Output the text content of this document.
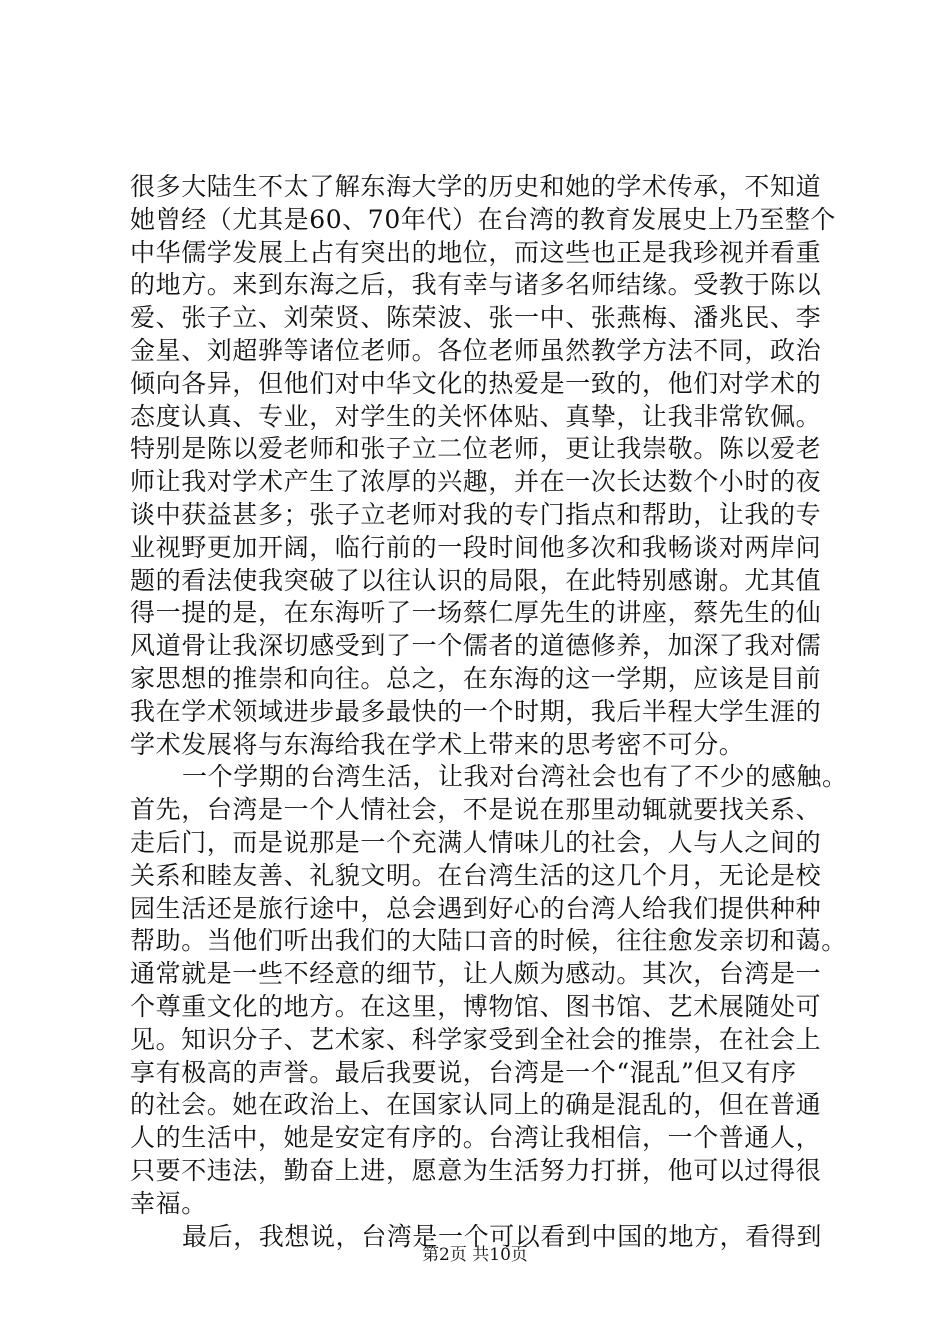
很多大陆生不太了解东海大学的历史和她的学术传承，不知道
她曾经（尤其是60、70年代）在台湾的教育发展史上乃至整个
中华儒学发展上占有突出的地位，而这些也正是我珍视并看重
的地方。来到东海之后，我有幸与诸多名师结缘。受教于陈以
爱、张子立、刘荣贤、陈荣波、张一中、张燕梅、潘兆民、李
金星、刘超骅等诸位老师。各位老师虽然教学方法不同，政治
倾向各异，但他们对中华文化的热爱是一致的，他们对学术的
态度认真、专业，对学生的关怀体贴、真挚，让我非常钦佩。
特别是陈以爱老师和张子立二位老师，更让我崇敬。陈以爱老
师让我对学术产生了浓厚的兴趣，并在一次长达数个小时的夜
谈中获益甚多；张子立老师对我的专门指点和帮助，让我的专
业视野更加开阔，临行前的一段时间他多次和我畅谈对两岸问
题的看法使我突破了以往认识的局限，在此特别感谢。尤其值
得一提的是，在东海听了一场蔡仁厚先生的讲座，蔡先生的仙
风道骨让我深切感受到了一个儒者的道德修养，加深了我对儒
家思想的推崇和向往。总之，在东海的这一学期，应该是目前
我在学术领域进步最多最快的一个时期，我后半程大学生涯的
学术发展将与东海给我在学术上带来的思考密不可分。
一个学期的台湾生活，让我对台湾社会也有了不少的感触。
首先，台湾是一个人情社会，不是说在那里动辄就要找关系、
走后门，而是说那是一个充满人情味儿的社会，人与人之间的
关系和睦友善、礼貌文明。在台湾生活的这几个月，无论是校
园生活还是旅行途中，总会遇到好心的台湾人给我们提供种种
帮助。当他们听出我们的大陆口音的时候，往往愈发亲切和蔼。
通常就是一些不经意的细节，让人颇为感动。其次，台湾是一
个尊重文化的地方。在这里，博物馆、图书馆、艺术展随处可
见。知识分子、艺术家、科学家受到全社会的推崇，在社会上
享有极高的声誉。最后我要说，台湾是一个“混乱”但又有序
的社会。她在政治上、在国家认同上的确是混乱的，但在普通
人的生活中，她是安定有序的。台湾让我相信，一个普通人，
只要不违法，勤奋上进，愿意为生活努力打拼，他可以过得很
幸福。
最后，我想说，台湾是一个可以看到中国的地方，看得到
第2页 共10页
